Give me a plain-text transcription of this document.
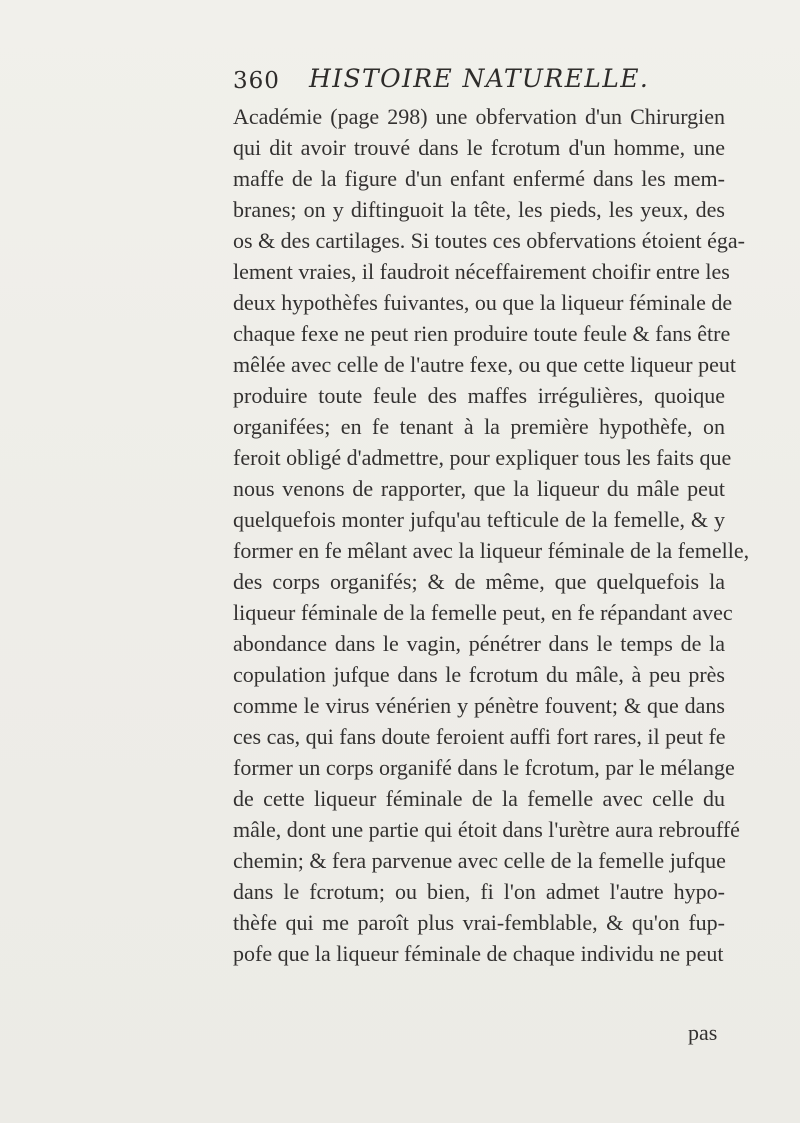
360 HISTOIRE NATURELLE.
Académie (page 298) une obfervation d'un Chirurgien
qui dit avoir trouvé dans le fcrotum d'un homme, une
maffe de la figure d'un enfant enfermé dans les mem-
branes; on y diftinguoit la tête, les pieds, les yeux, des
os & des cartilages. Si toutes ces obfervations étoient éga-
lement vraies, il faudroit néceffairement choifir entre les
deux hypothèfes fuivantes, ou que la liqueur féminale de
chaque fexe ne peut rien produire toute feule & fans être
mêlée avec celle de l'autre fexe, ou que cette liqueur peut
produire toute feule des maffes irrégulières, quoique
organifées; en fe tenant à la première hypothèfe, on
feroit obligé d'admettre, pour expliquer tous les faits que
nous venons de rapporter, que la liqueur du mâle peut
quelquefois monter jufqu'au tefticule de la femelle, & y
former en fe mêlant avec la liqueur féminale de la femelle,
des corps organifés; & de même, que quelquefois la
liqueur féminale de la femelle peut, en fe répandant avec
abondance dans le vagin, pénétrer dans le temps de la
copulation jufque dans le fcrotum du mâle, à peu près
comme le virus vénérien y pénètre fouvent; & que dans
ces cas, qui fans doute feroient auffi fort rares, il peut fe
former un corps organifé dans le fcrotum, par le mélange
de cette liqueur féminale de la femelle avec celle du
mâle, dont une partie qui étoit dans l'urètre aura rebrouffé
chemin; & fera parvenue avec celle de la femelle jufque
dans le fcrotum; ou bien, fi l'on admet l'autre hypo-
thèfe qui me paroît plus vrai-femblable, & qu'on fup-
pofe que la liqueur féminale de chaque individu ne peut
pas
